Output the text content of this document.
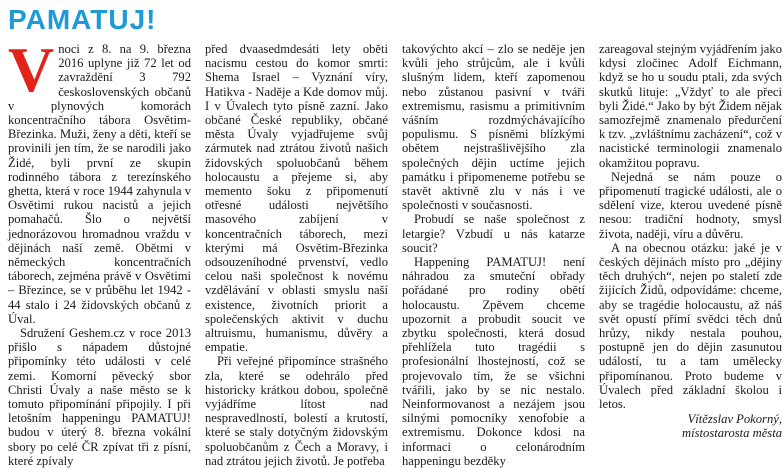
PAMATUJ!

Vnoci z 8. na 9. března 2016 uplyne již 72 let od zavraždění 3 792 československých občanů v plynových komorách koncentračního tábora Osvětim-Březinka. Muži, ženy a děti, kteří se provinili jen tím, že se narodili jako Židé, byli první ze skupin rodinného tábora z terezínského ghetta, která v roce 1944 zahynula v Osvětimi rukou nacistů a jejich pomahačů. Šlo o největší jednorázovou hromadnou vraždu v dějinách naší země. Obětmi v německých koncentračních táborech, zejména právě v Osvětimi – Březince, se v průběhu let 1942 - 44 stalo i 24 židovských občanů z Úval.

Sdružení Geshem.cz v roce 2013 přišlo s nápadem důstojné připomínky této události v celé zemi. Komorní pěvecký sbor Christi Úvaly a naše město se k tomuto připomínání připojily. I při letošním happeningu PAMATUJ! budou v úterý 8. března vokální sbory po celé ČR zpívat tři z písní, které zpívaly

před dvaasedmdesáti lety oběti nacismu cestou do komor smrti: Shema Israel – Vyznání víry, Hatikva - Naděje a Kde domov můj. I v Úvalech tyto písně zazní. Jako občané České republiky, občané města Úvaly vyjadřujeme svůj zármutek nad ztrátou životů našich židovských spoluobčanů během holocaustu a přejeme si, aby memento šoku z připomenutí otřesné události největšího masového zabíjení v koncentračních táborech, mezi kterými má Osvětim-Březinka odsouzeníhodné prvenství, vedlo celou naši společnost k novému vzdělávání v oblasti smyslu naší existence, životních priorit a společenských aktivit v duchu altruismu, humanismu, důvěry a empatie.

Při veřejné připomínce strašného zla, které se odehrálo před historicky krátkou dobou, společně vyjádříme lítost nad nespravedlností, bolestí a krutostí, které se staly dotyčným židovským spoluobčanům z Čech a Moravy, i nad ztrátou jejich životů. Je potřeba

takovýchto akcí – zlo se neděje jen kvůli jeho strůjcům, ale i kvůli slušným lidem, kteří zapomenou nebo zůstanou pasivní v tváři extremismu, rasismu a primitivním vášním rozdmýchávajícího populismu. S písněmi blízkými obětem nejstrašlivějšího zla společných dějin uctíme jejich památku i připomeneme potřebu se stavět aktivně zlu v nás i ve společnosti v současnosti.

Probudí se naše společnost z letargie? Vzbudí u nás katarze soucit?

Happening PAMATUJ! není náhradou za smuteční obřady pořádané pro rodiny obětí holocaustu. Zpěvem chceme upozornit a probudit soucit ve zbytku společnosti, která dosud přehlížela tuto tragédii s profesionální lhostejností, což se projevovalo tím, že se všichni tvářili, jako by se nic nestalo. Neinformovanost a nezájem jsou silnými pomocníky xenofobie a extremismu. Dokonce kdosi na informaci o celonárodním happeningu bezděky

zareagoval stejným vyjádřením jako kdysi zločinec Adolf Eichmann, když se ho u soudu ptali, zda svých skutků lituje: „Vždyť to ale přeci byli Židé.“ Jako by být Židem nějak samozřejmě znamenalo předurčení k tzv. „zvláštnímu zacházení“, což v nacistické terminologii znamenalo okamžitou popravu.

Nejedná se nám pouze o připomenutí tragické události, ale o sdělení vize, kterou uvedené písně nesou: tradiční hodnoty, smysl života, naději, víru a důvěru.

A na obecnou otázku: jaké je v českých dějinách místo pro „dějiny těch druhých“, nejen po staletí zde žijících Židů, odpovídáme: chceme, aby se tragédie holocaustu, až náš svět opustí přímí svědci těch dnů hrůzy, nikdy nestala pouhou, postupně jen do dějin zasunutou událostí, tu a tam umělecky připomínanou. Proto budeme v Úvalech před základní školou i letos.

Vítězslav Pokorný,
místostarosta města
